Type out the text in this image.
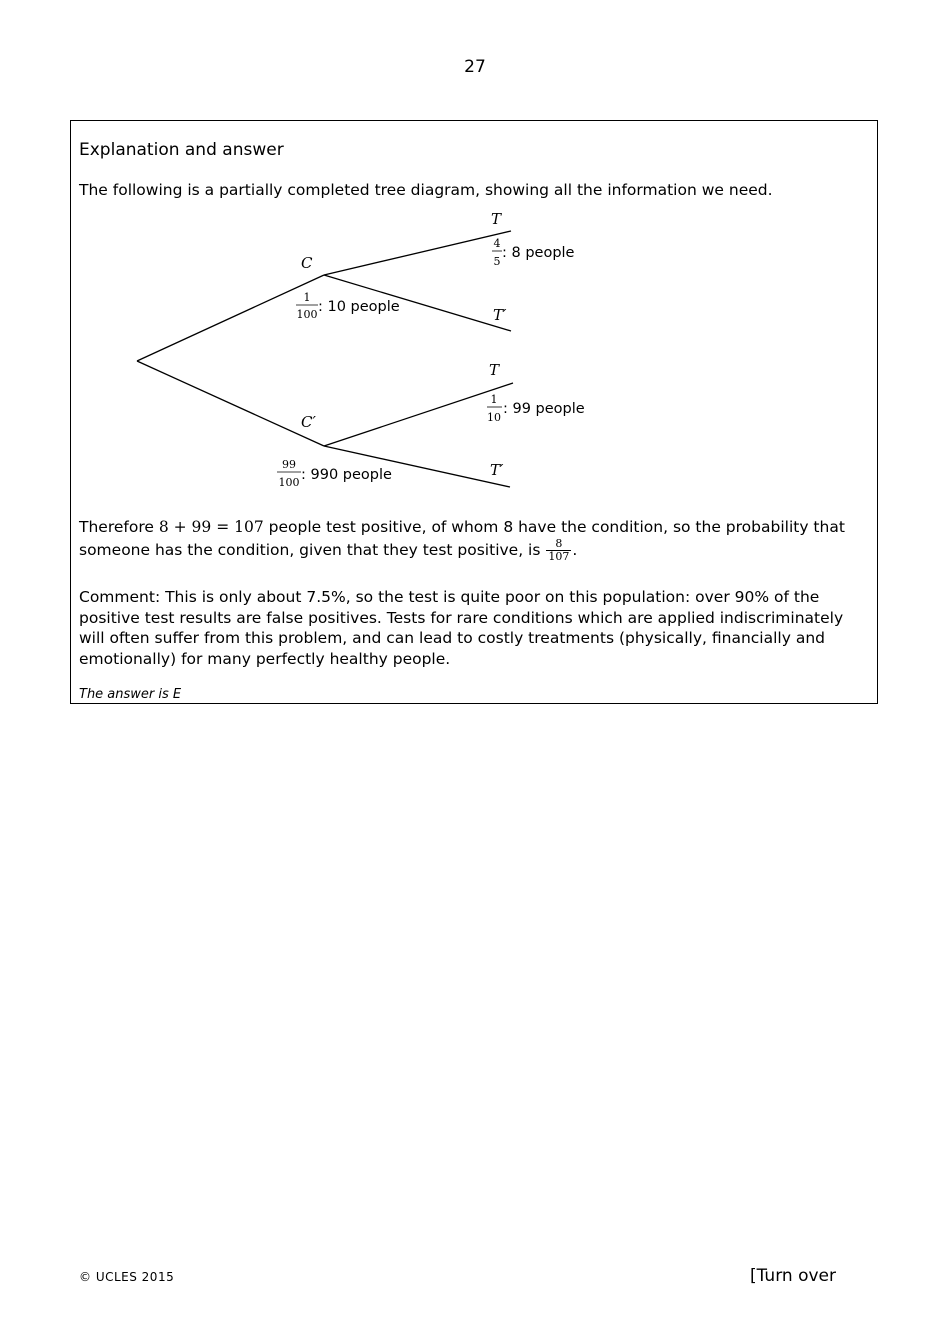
27
Explanation and answer
The following is a partially completed tree diagram, showing all the information we need.
C
1
100 : 10 people
T
4
5
: 8 people
T′
C′
99
100 : 990 people
T
1
10
: 99 people
T′
Therefore 8 + 99 = 107 people test positive, of whom 8 have the condition, so the probability that someone has the condition, given that they test positive, is $\frac{8}{107}$ .
Comment: This is only about 7.5%, so the test is quite poor on this population: over 90% of the positive test results are false positives. Tests for rare conditions which are applied indiscriminately will often suffer from this problem, and can lead to costly treatments (physically, financially and emotionally) for many perfectly healthy people.
The answer is E
© UCLES 2015	[Turn over
